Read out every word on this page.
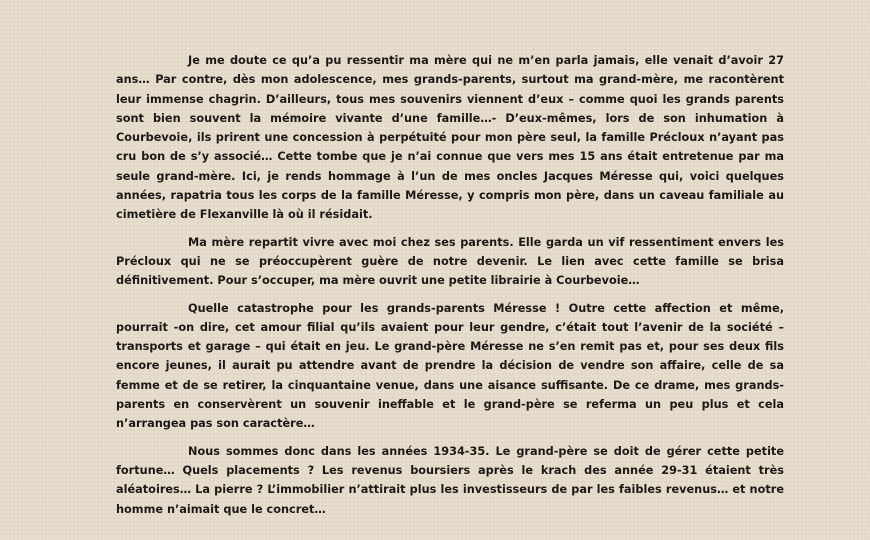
Je me doute ce qu’a pu ressentir ma mère qui ne m’en parla jamais, elle venait d’avoir 27 ans… Par contre, dès mon adolescence, mes grands-parents, surtout ma grand-mère, me racontèrent leur immense chagrin. D’ailleurs, tous mes souvenirs viennent d’eux – comme quoi les grands parents sont bien souvent la mémoire vivante d’une famille…- D’eux-mêmes, lors de son inhumation à Courbevoie, ils prirent une concession à perpétuité pour mon père seul, la famille Précloux n’ayant pas cru bon de s’y associé… Cette tombe que je n’ai connue que vers mes 15 ans était entretenue par ma seule grand-mère. Ici, je rends hommage à l’un de mes oncles Jacques Méresse qui, voici quelques années, rapatria tous les corps de la famille Méresse, y compris mon père, dans un caveau familiale au cimetière de Flexanville là où il résidait.

Ma mère repartit vivre avec moi chez ses parents. Elle garda un vif ressentiment envers les Précloux qui ne se préoccupèrent guère de notre devenir. Le lien avec cette famille se brisa définitivement. Pour s’occuper, ma mère ouvrit une petite librairie à Courbevoie…

Quelle catastrophe pour les grands-parents Méresse ! Outre cette affection et même, pourrait -on dire, cet amour filial qu’ils avaient pour leur gendre, c’était tout l’avenir de la société – transports et garage – qui était en jeu. Le grand-père Méresse ne s’en remit pas et, pour ses deux fils encore jeunes, il aurait pu attendre avant de prendre la décision de vendre son affaire, celle de sa femme et de se retirer, la cinquantaine venue, dans une aisance suffisante. De ce drame, mes grands-parents en conservèrent un souvenir ineffable et le grand-père se referma un peu plus et cela n’arrangea pas son caractère…

Nous sommes donc dans les années 1934-35. Le grand-père se doit de gérer cette petite fortune… Quels placements ? Les revenus boursiers après le krach des année 29-31 étaient très aléatoires… La pierre ? L’immobilier n’attirait plus les investisseurs de par les faibles revenus… et notre homme n’aimait que le concret…
